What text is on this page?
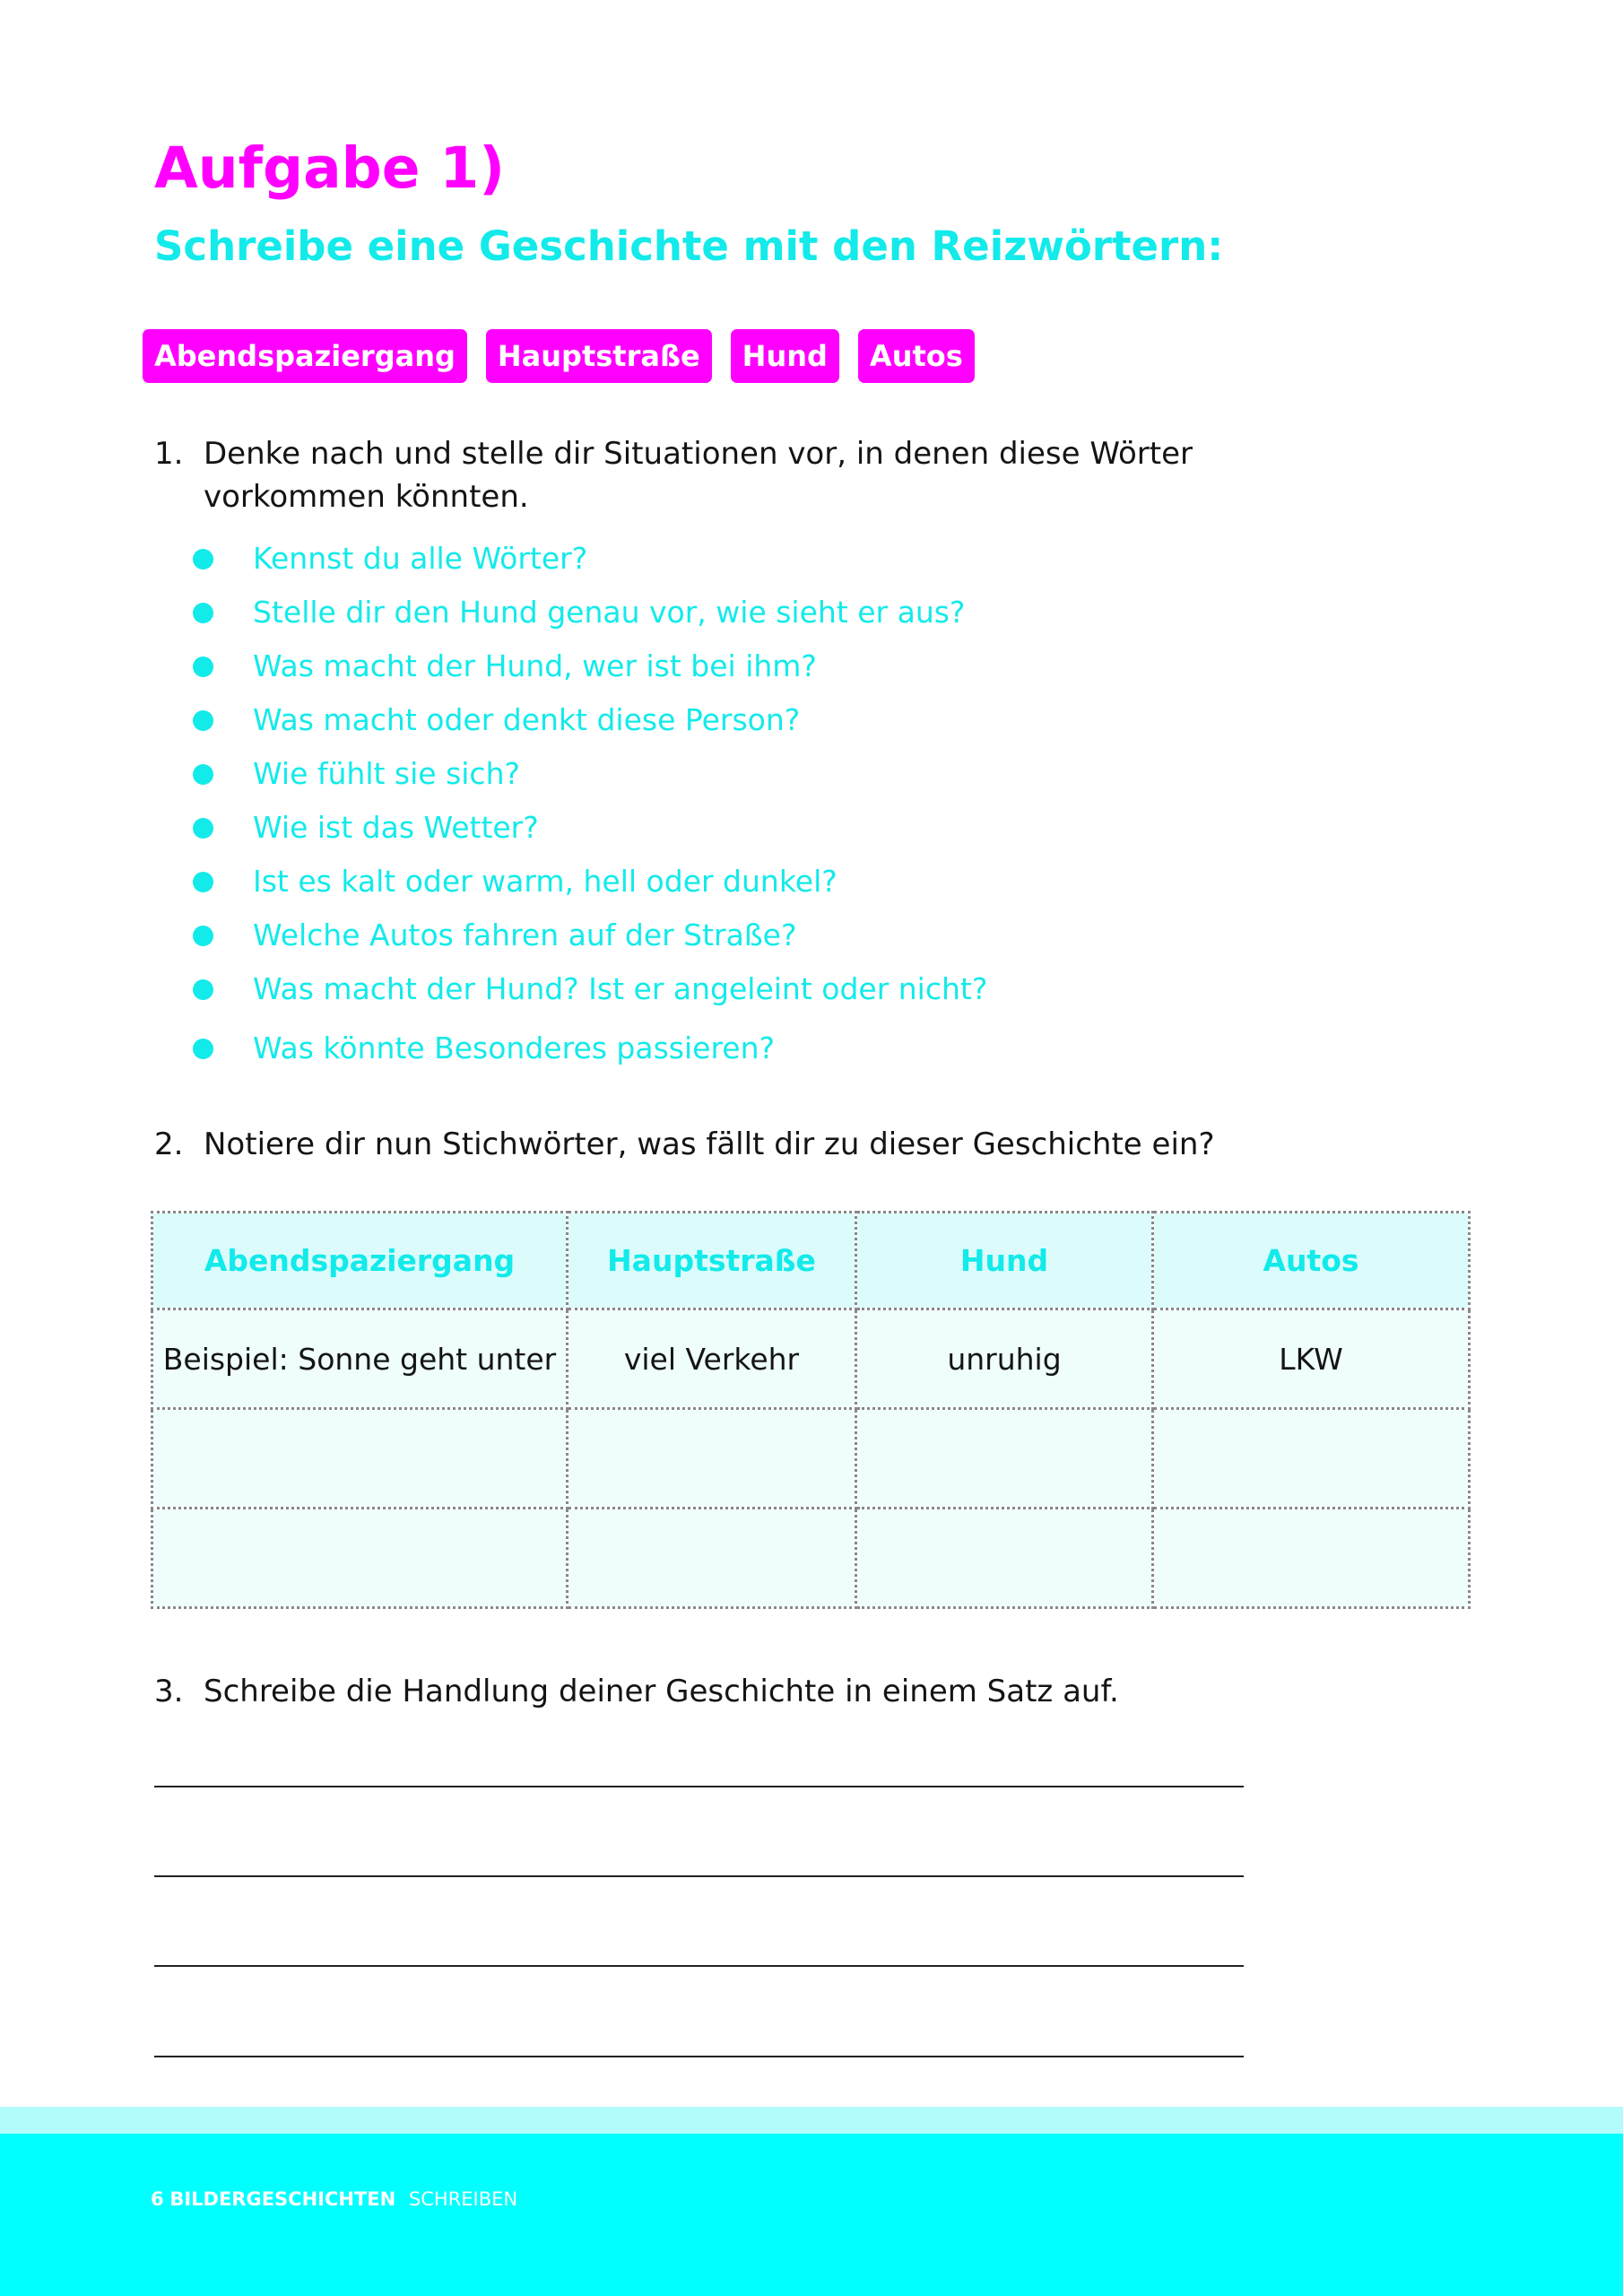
Aufgabe 1)
Schreibe eine Geschichte mit den Reizwörtern:
Abendspaziergang	Hauptstraße	Hund	Autos
1. Denke nach und stelle dir Situationen vor, in denen diese Wörter vorkommen könnten.
Kennst du alle Wörter?
Stelle dir den Hund genau vor, wie sieht er aus?
Was macht der Hund, wer ist bei ihm?
Was macht oder denkt diese Person?
Wie fühlt sie sich?
Wie ist das Wetter?
Ist es kalt oder warm, hell oder dunkel?
Welche Autos fahren auf der Straße?
Was macht der Hund? Ist er angeleint oder nicht?
Was könnte Besonderes passieren?
2. Notiere dir nun Stichwörter, was fällt dir zu dieser Geschichte ein?
Abendspaziergang	Hauptstraße	Hund	Autos
Beispiel: Sonne geht unter	viel Verkehr	unruhig	LKW

3. Schreibe die Handlung deiner Geschichte in einem Satz auf.
6 BILDERGESCHICHTEN SCHREIBEN
